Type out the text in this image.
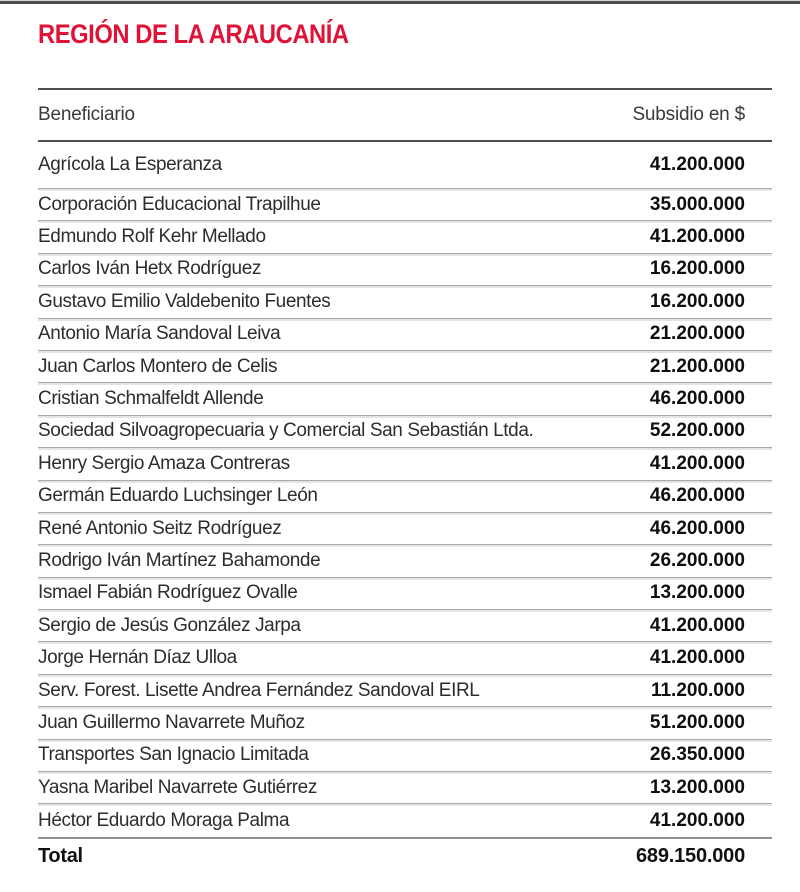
REGIÓN DE LA ARAUCANÍA
Beneficiario	Subsidio en $
Agrícola La Esperanza	41.200.000
Corporación Educacional Trapilhue	35.000.000
Edmundo Rolf Kehr Mellado	41.200.000
Carlos Iván Hetx Rodríguez	16.200.000
Gustavo Emilio Valdebenito Fuentes	16.200.000
Antonio María Sandoval Leiva	21.200.000
Juan Carlos Montero de Celis	21.200.000
Cristian Schmalfeldt Allende	46.200.000
Sociedad Silvoagropecuaria y Comercial San Sebastián Ltda.	52.200.000
Henry Sergio Amaza Contreras	41.200.000
Germán Eduardo Luchsinger León	46.200.000
René Antonio Seitz Rodríguez	46.200.000
Rodrigo Iván Martínez Bahamonde	26.200.000
Ismael Fabián Rodríguez Ovalle	13.200.000
Sergio de Jesús González Jarpa	41.200.000
Jorge Hernán Díaz Ulloa	41.200.000
Serv. Forest. Lisette Andrea Fernández Sandoval EIRL	11.200.000
Juan Guillermo Navarrete Muñoz	51.200.000
Transportes San Ignacio Limitada	26.350.000
Yasna Maribel Navarrete Gutiérrez	13.200.000
Héctor Eduardo Moraga Palma	41.200.000
Total	689.150.000
